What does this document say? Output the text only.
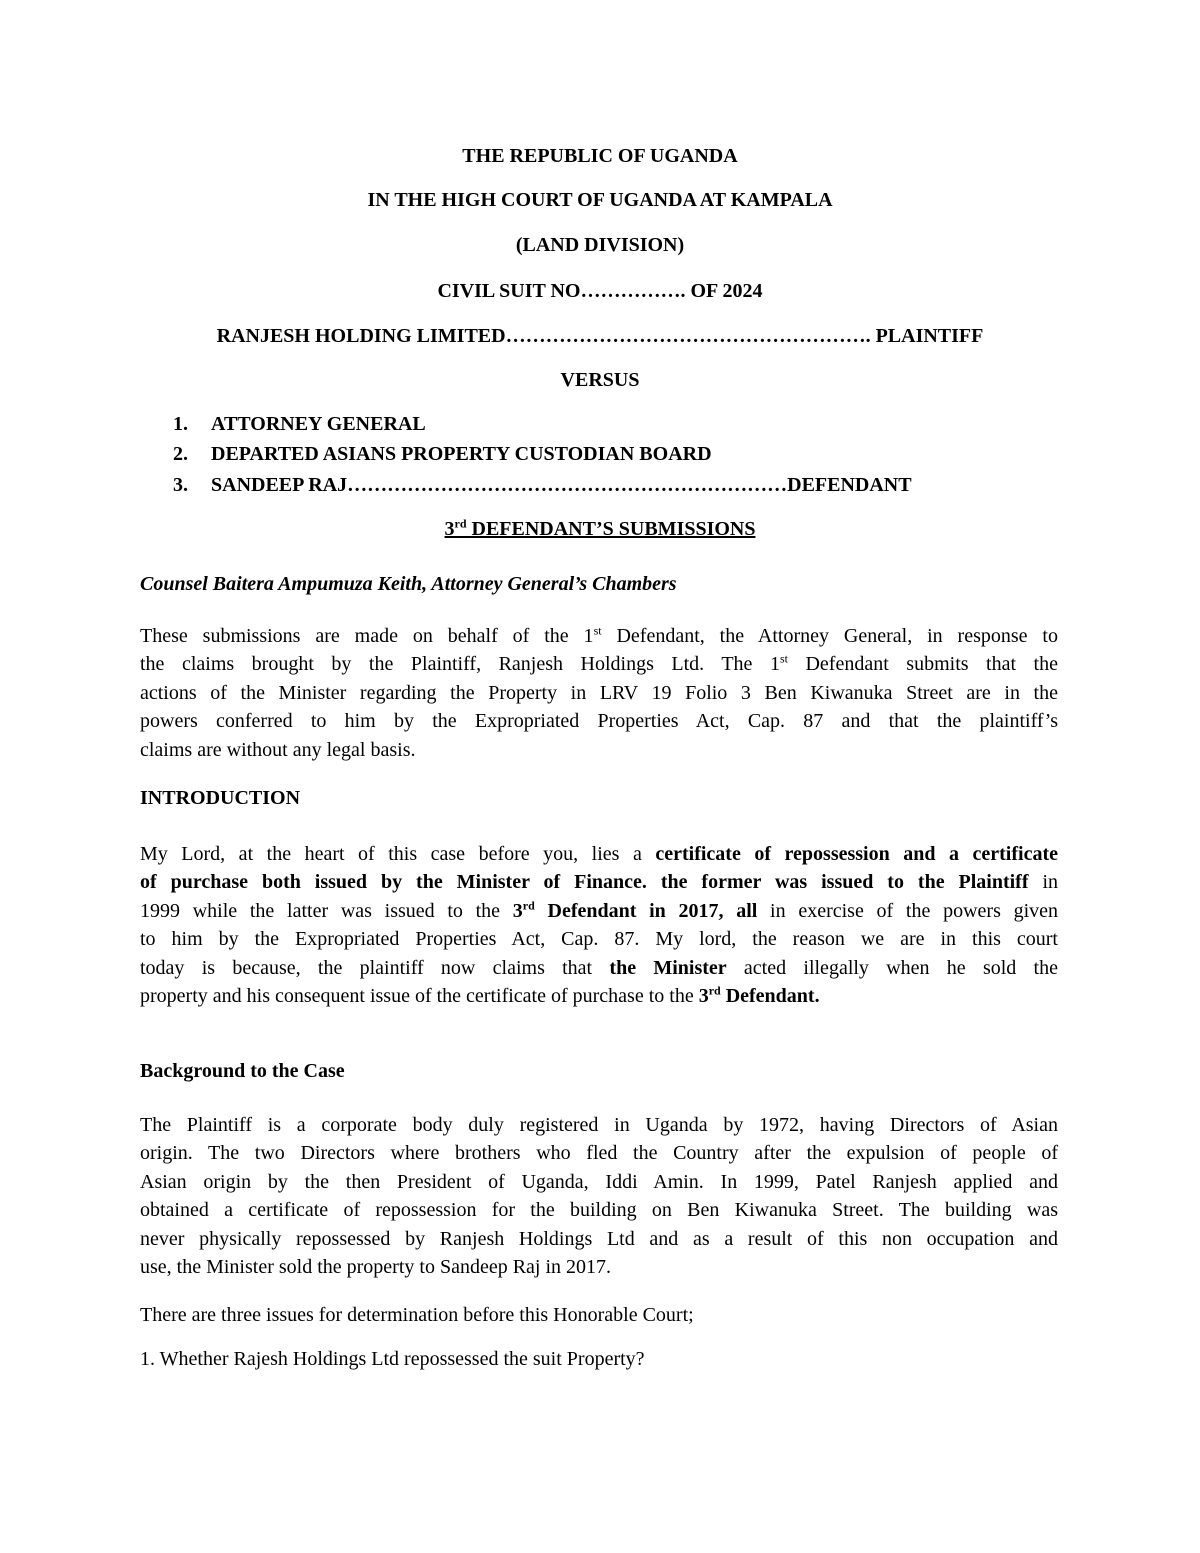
THE REPUBLIC OF UGANDA
IN THE HIGH COURT OF UGANDA AT KAMPALA
(LAND DIVISION)
CIVIL SUIT NO……………. OF 2024
RANJESH HOLDING LIMITED………………………………………………. PLAINTIFF
VERSUS
1. ATTORNEY GENERAL
2. DEPARTED ASIANS PROPERTY CUSTODIAN BOARD
3. SANDEEP RAJ…………………………………………………………DEFENDANT
3rd DEFENDANT’S SUBMISSIONS
Counsel Baitera Ampumuza Keith, Attorney General’s Chambers
These submissions are made on behalf of the 1st Defendant, the Attorney General, in response to
the claims brought by the Plaintiff, Ranjesh Holdings Ltd. The 1st Defendant submits that the
actions of the Minister regarding the Property in LRV 19 Folio 3 Ben Kiwanuka Street are in the
powers conferred to him by the Expropriated Properties Act, Cap. 87 and that the plaintiff’s
claims are without any legal basis.
INTRODUCTION
My Lord, at the heart of this case before you, lies a certificate of repossession and a certificate
of purchase both issued by the Minister of Finance. the former was issued to the Plaintiff in
1999 while the latter was issued to the 3rd Defendant in 2017, all in exercise of the powers given
to him by the Expropriated Properties Act, Cap. 87. My lord, the reason we are in this court
today is because, the plaintiff now claims that the Minister acted illegally when he sold the
property and his consequent issue of the certificate of purchase to the 3rd Defendant.
Background to the Case
The Plaintiff is a corporate body duly registered in Uganda by 1972, having Directors of Asian
origin. The two Directors where brothers who fled the Country after the expulsion of people of
Asian origin by the then President of Uganda, Iddi Amin. In 1999, Patel Ranjesh applied and
obtained a certificate of repossession for the building on Ben Kiwanuka Street. The building was
never physically repossessed by Ranjesh Holdings Ltd and as a result of this non occupation and
use, the Minister sold the property to Sandeep Raj in 2017.
There are three issues for determination before this Honorable Court;
1. Whether Rajesh Holdings Ltd repossessed the suit Property?
